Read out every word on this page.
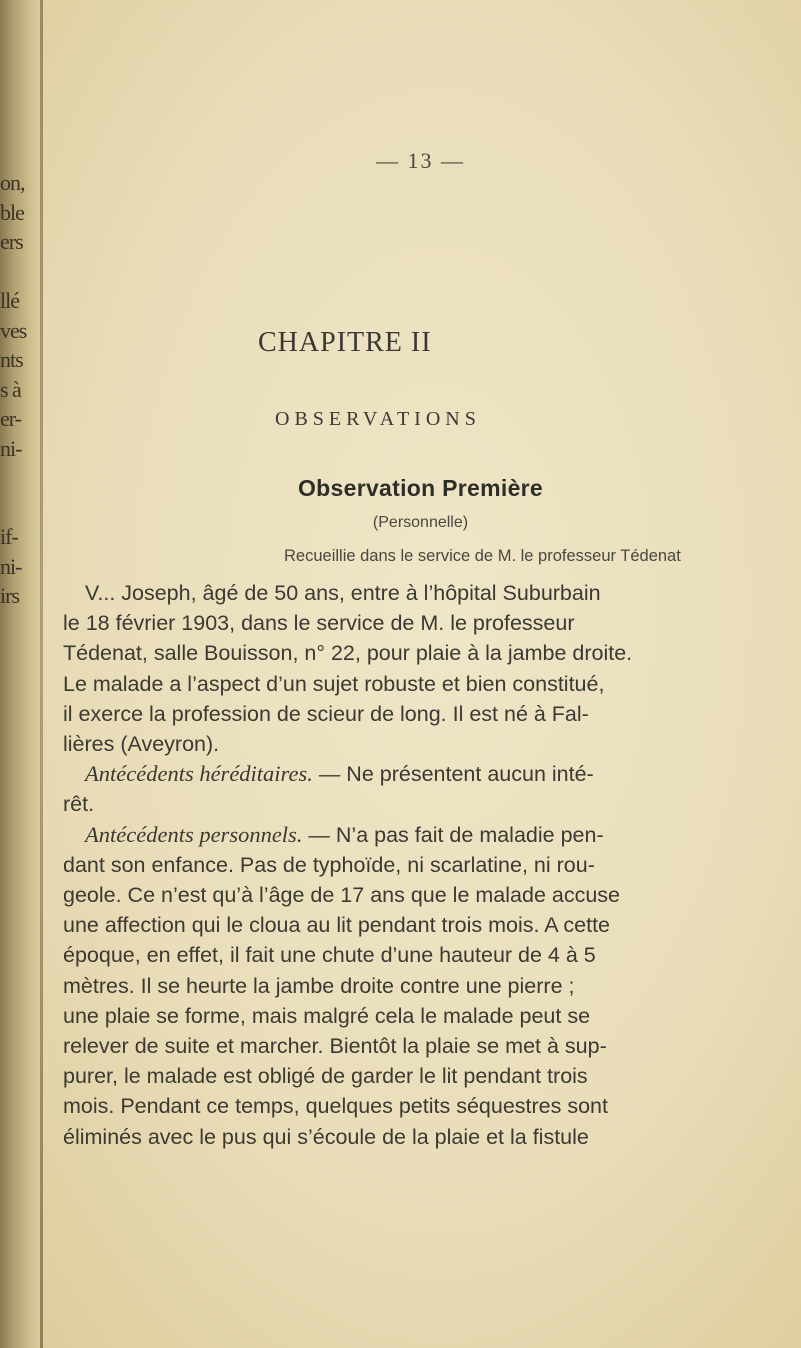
on,
ble
ers
llé
ves
nts
s à
er-
ni-
if-
ni-
irs
— 13 —
CHAPITRE II
OBSERVATIONS
Observation Première
(Personnelle)
Recueillie dans le service de M. le professeur Tédenat
V... Joseph, âgé de 50 ans, entre à l’hôpital Suburbain
le 18 février 1903, dans le service de M. le professeur
Tédenat, salle Bouisson, n° 22, pour plaie à la jambe droite.
Le malade a l’aspect d’un sujet robuste et bien constitué,
il exerce la profession de scieur de long. Il est né à Fal-
lières (Aveyron).
Antécédents héréditaires. — Ne présentent aucun inté-
rêt.
Antécédents personnels. — N’a pas fait de maladie pen-
dant son enfance. Pas de typhoïde, ni scarlatine, ni rou-
geole. Ce n’est qu’à l’âge de 17 ans que le malade accuse
une affection qui le cloua au lit pendant trois mois. A cette
époque, en effet, il fait une chute d’une hauteur de 4 à 5
mètres. Il se heurte la jambe droite contre une pierre ;
une plaie se forme, mais malgré cela le malade peut se
relever de suite et marcher. Bientôt la plaie se met à sup-
purer, le malade est obligé de garder le lit pendant trois
mois. Pendant ce temps, quelques petits séquestres sont
éliminés avec le pus qui s’écoule de la plaie et la fistule
